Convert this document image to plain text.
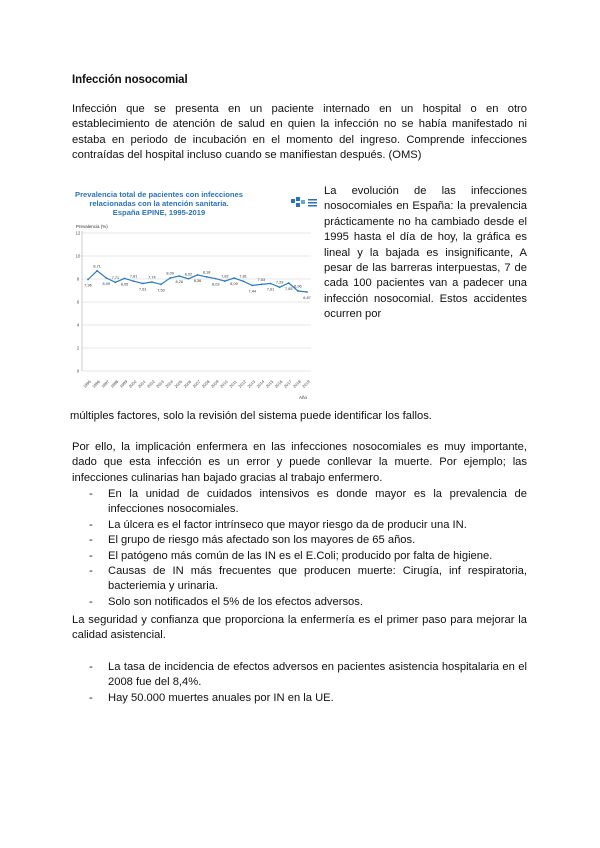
Infección nosocomial

Infección que se presenta en un paciente internado en un hospital o en otro establecimiento de atención de salud en quien la infección no se había manifestado ni estaba en periodo de incubación en el momento del ingreso. Comprende infecciones contraídas del hospital incluso cuando se manifiestan después. (OMS)

Prevalencia total de pacientes con infecciones
relacionadas con la atención sanitaria.
España EPINE, 1995-2019
Prevalencia (%)
0
2
4
6
8
10
12
7,96
8,71
8,09
7,71
8,05
7,81
7,61
7,74
7,53
8,09
8,26
8,02
8,36
8,18
8,03
7,82
8,09
7,81
7,44
7,53
7,61
7,29
7,65
6,96
6,87
1995 1996 1997 1998 1999 2000 2001 2002 2003 2004 2005 2006 2007 2008 2009 2010 2011 2012 2013 2014 2015 2016 2017 2018 2019
Año

La evolución de las infecciones nosocomiales en España: la prevalencia prácticamente no ha cambiado desde el 1995 hasta el día de hoy, la gráfica es lineal y la bajada es insignificante, A pesar de las barreras interpuestas, 7 de cada 100 pacientes van a padecer una infección nosocomial. Estos accidentes ocurren por

múltiples factores, solo la revisión del sistema puede identificar los fallos.

Por ello, la implicación enfermera en las infecciones nosocomiales es muy importante, dado que esta infección es un error y puede conllevar la muerte. Por ejemplo; las infecciones culinarias han bajado gracias al trabajo enfermero.

- En la unidad de cuidados intensivos es donde mayor es la prevalencia de infecciones nosocomiales.
- La úlcera es el factor intrínseco que mayor riesgo da de producir una IN.
- El grupo de riesgo más afectado son los mayores de 65 años.
- El patógeno más común de las IN es el E.Coli; producido por falta de higiene.
- Causas de IN más frecuentes que producen muerte: Cirugía, inf respiratoria, bacteriemia y urinaria.
- Solo son notificados el 5% de los efectos adversos.

La seguridad y confianza que proporciona la enfermería es el primer paso para mejorar la calidad asistencial.

- La tasa de incidencia de efectos adversos en pacientes asistencia hospitalaria en el 2008 fue del 8,4%.
- Hay 50.000 muertes anuales por IN en la UE.
